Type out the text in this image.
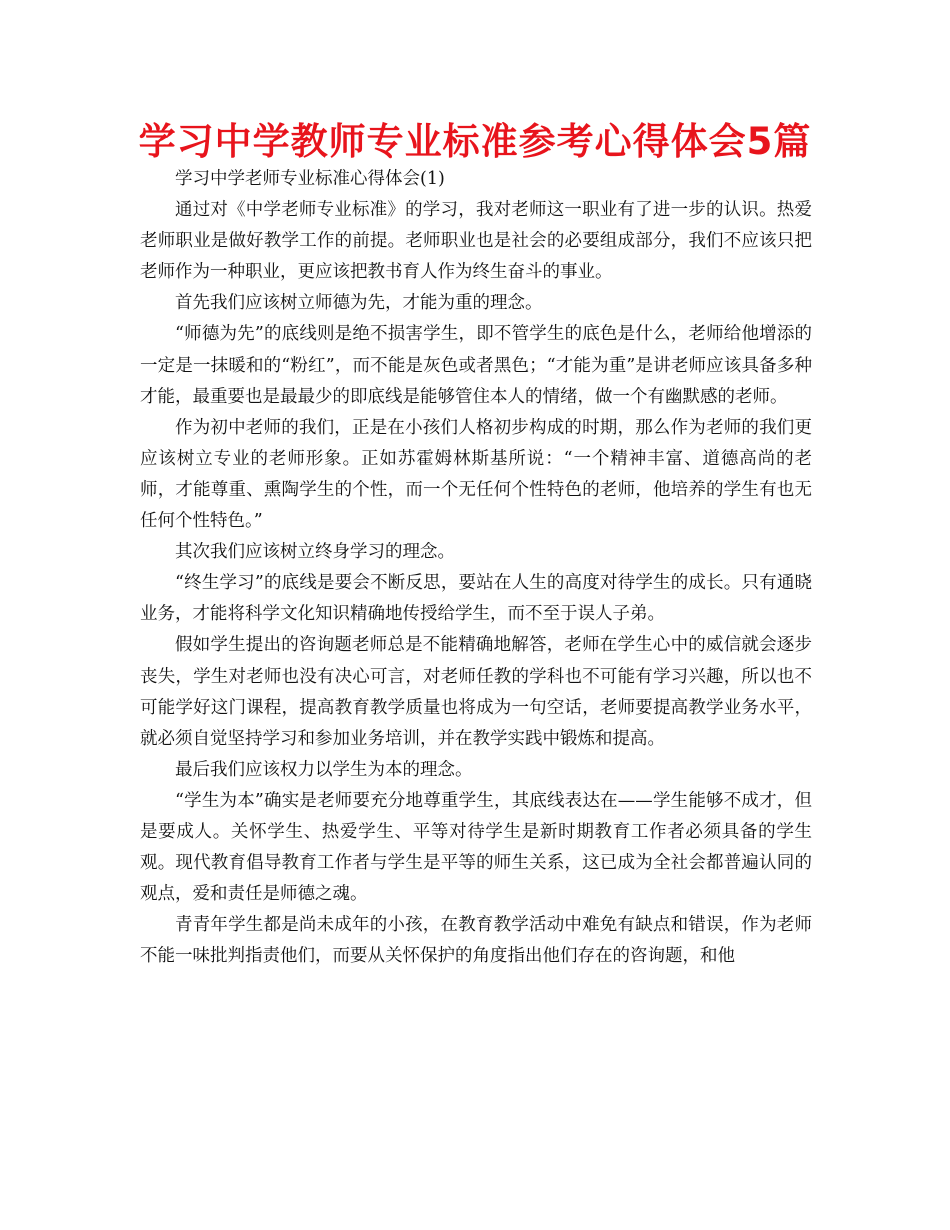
学习中学教师专业标准参考心得体会5篇

学习中学老师专业标准心得体会(1)

通过对《中学老师专业标准》的学习，我对老师这一职业有了进一步的认识。热爱老师职业是做好教学工作的前提。老师职业也是社会的必要组成部分，我们不应该只把老师作为一种职业，更应该把教书育人作为终生奋斗的事业。

首先我们应该树立师德为先，才能为重的理念。

“师德为先”的底线则是绝不损害学生，即不管学生的底色是什么，老师给他增添的一定是一抹暖和的“粉红”，而不能是灰色或者黑色；“才能为重”是讲老师应该具备多种才能，最重要也是最最少的即底线是能够管住本人的情绪，做一个有幽默感的老师。

作为初中老师的我们，正是在小孩们人格初步构成的时期，那么作为老师的我们更应该树立专业的老师形象。正如苏霍姆林斯基所说：“一个精神丰富、道德高尚的老师，才能尊重、熏陶学生的个性，而一个无任何个性特色的老师，他培养的学生有也无任何个性特色。”

其次我们应该树立终身学习的理念。

“终生学习”的底线是要会不断反思，要站在人生的高度对待学生的成长。只有通晓业务，才能将科学文化知识精确地传授给学生，而不至于误人子弟。

假如学生提出的咨询题老师总是不能精确地解答，老师在学生心中的威信就会逐步丧失，学生对老师也没有决心可言，对老师任教的学科也不可能有学习兴趣，所以也不可能学好这门课程，提高教育教学质量也将成为一句空话，老师要提高教学业务水平，就必须自觉坚持学习和参加业务培训，并在教学实践中锻炼和提高。

最后我们应该权力以学生为本的理念。

“学生为本”确实是老师要充分地尊重学生，其底线表达在——学生能够不成才，但是要成人。关怀学生、热爱学生、平等对待学生是新时期教育工作者必须具备的学生观。现代教育倡导教育工作者与学生是平等的师生关系，这已成为全社会都普遍认同的观点，爱和责任是师德之魂。

青青年学生都是尚未成年的小孩，在教育教学活动中难免有缺点和错误，作为老师不能一味批判指责他们，而要从关怀保护的角度指出他们存在的咨询题，和他
